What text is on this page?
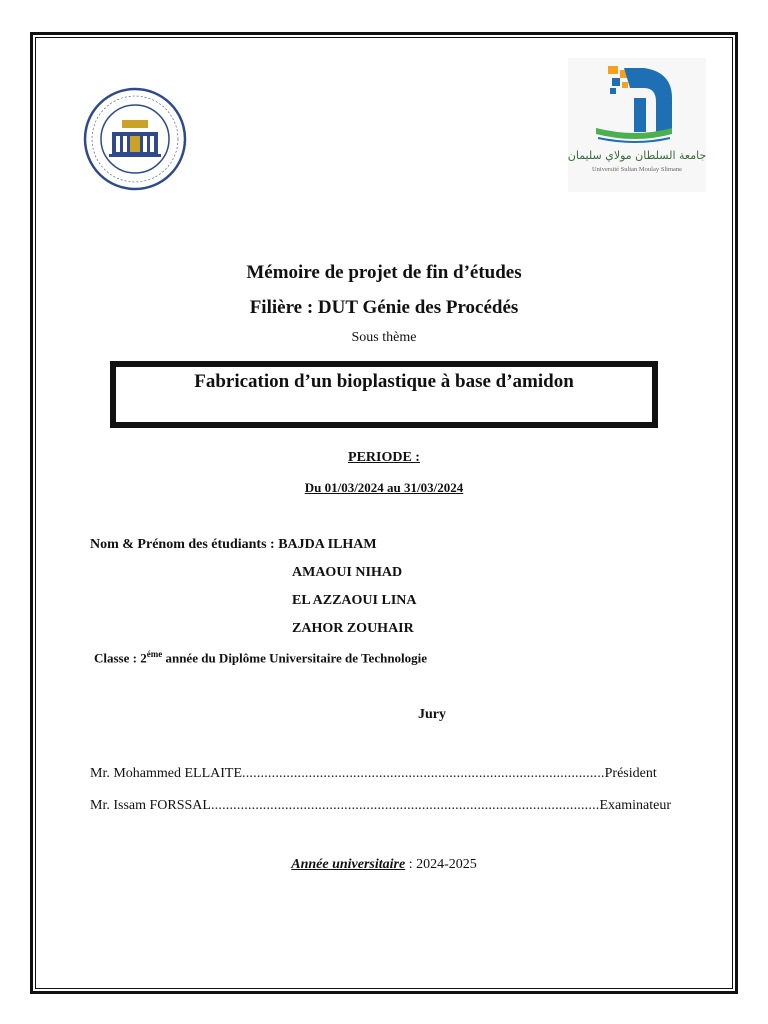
جامعة السلطان مولاي سليمان
Université Sultan Moulay Slimane
Mémoire de projet de fin d’études
Filière : DUT Génie des Procédés
Sous thème
Fabrication d’un bioplastique à base d’amidon
PERIODE :
Du 01/03/2024 au 31/03/2024
Nom & Prénom des étudiants : BAJDA ILHAM
AMAOUI NIHAD
EL AZZAOUI LINA
ZAHOR ZOUHAIR
Classe : $2^{éme}$ année du Diplôme Universitaire de Technologie
Jury
Mr. Mohammed ELLAITE..................................................................................................Président
Mr. Issam FORSSAL.........................................................................................................Examinateur
Année universitaire : 2024-2025
